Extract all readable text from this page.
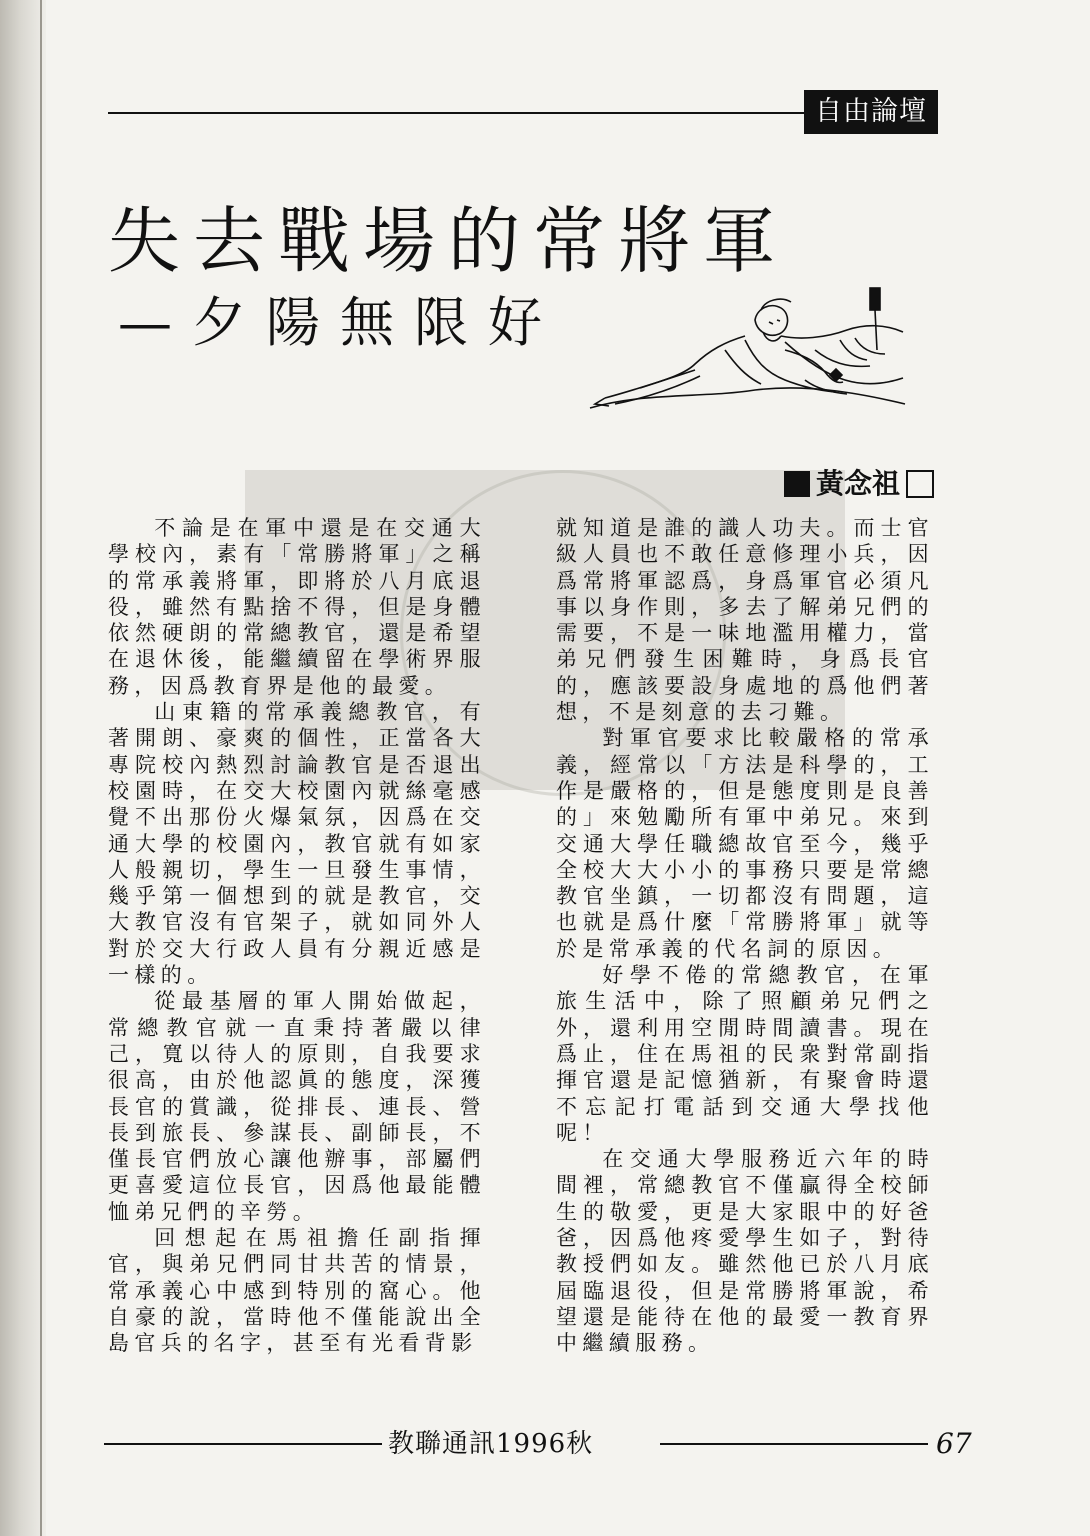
自由論壇
失去戰場的常將軍
—夕陽無限好
黃念祖

不論是在軍中還是在交通大學校內，素有「常勝將軍」之稱的常承義將軍，即將於八月底退役，雖然有點捨不得，但是身體依然硬朗的常總教官，還是希望在退休後，能繼續留在學術界服務，因爲教育界是他的最愛。

山東籍的常承義總教官，有著開朗、豪爽的個性，正當各大專院校內熱烈討論教官是否退出校園時，在交大校園內就絲毫感覺不出那份火爆氣氛，因爲在交通大學的校園內，教官就有如家人般親切，學生一旦發生事情，幾乎第一個想到的就是教官，交大教官沒有官架子，就如同外人對於交大行政人員有分親近感是一樣的。

從最基層的軍人開始做起，常總教官就一直秉持著嚴以律己，寬以待人的原則，自我要求很高，由於他認眞的態度，深獲長官的賞識，從排長、連長、營長到旅長、參謀長、副師長，不僅長官們放心讓他辦事，部屬們更喜愛這位長官，因爲他最能體恤弟兄們的辛勞。

回想起在馬祖擔任副指揮官，與弟兄們同甘共苦的情景，常承義心中感到特別的窩心。他自豪的說，當時他不僅能說出全島官兵的名字，甚至有光看背影

就知道是誰的識人功夫。而士官級人員也不敢任意修理小兵，因爲常將軍認爲，身爲軍官必須凡事以身作則，多去了解弟兄們的需要，不是一味地濫用權力，當弟兄們發生困難時，身爲長官的，應該要設身處地的爲他們著想，不是刻意的去刁難。

對軍官要求比較嚴格的常承義，經常以「方法是科學的，工作是嚴格的，但是態度則是良善的」來勉勵所有軍中弟兄。來到交通大學任職總故官至今，幾乎全校大大小小的事務只要是常總教官坐鎮，一切都沒有問題，這也就是爲什麼「常勝將軍」就等於是常承義的代名詞的原因。

好學不倦的常總教官，在軍旅生活中，除了照顧弟兄們之外，還利用空閒時間讀書。現在爲止，住在馬祖的民衆對常副指揮官還是記憶猶新，有聚會時還不忘記打電話到交通大學找他呢！

在交通大學服務近六年的時間裡，常總教官不僅贏得全校師生的敬愛，更是大家眼中的好爸爸，因爲他疼愛學生如子，對待教授們如友。雖然他已於八月底屆臨退役，但是常勝將軍說，希望還是能待在他的最愛一教育界中繼續服務。

教聯通訊1996秋	67
